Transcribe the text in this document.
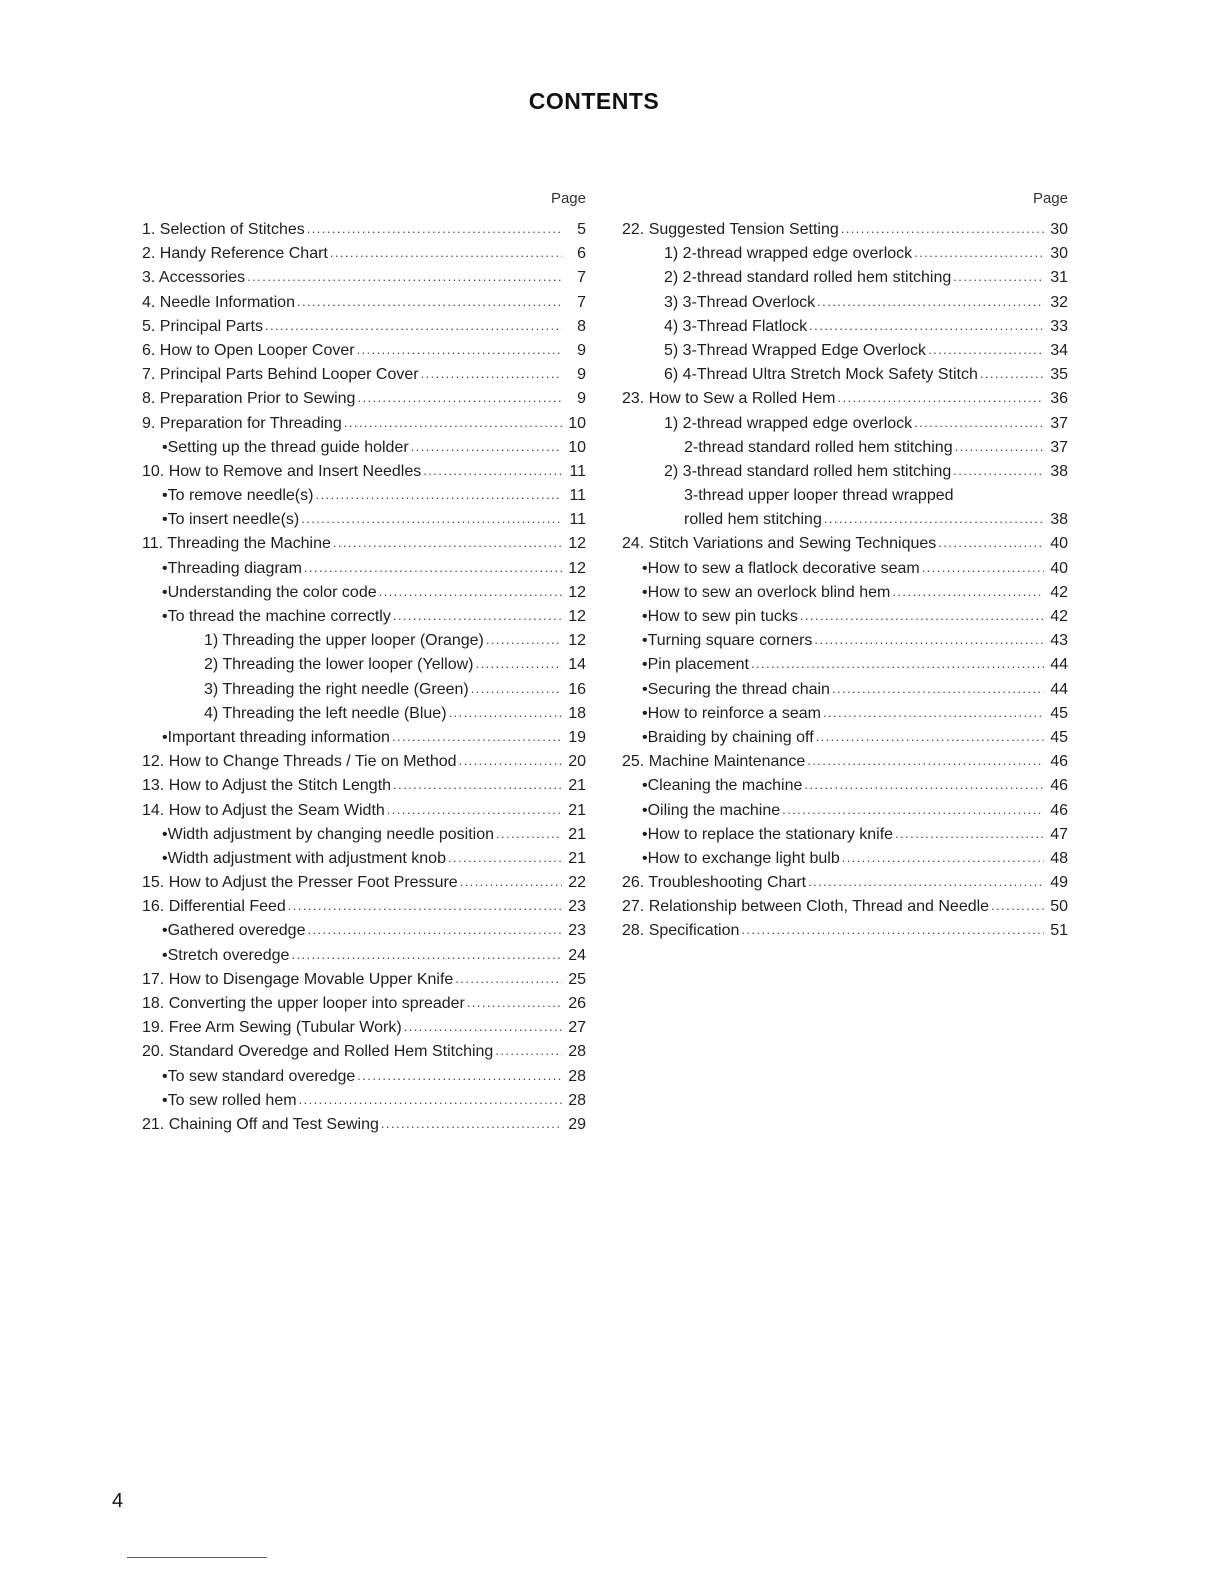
CONTENTS
Page
1. Selection of Stitches .....	5
2. Handy Reference Chart .....	6
3. Accessories .....	7
4. Needle Information .....	7
5. Principal Parts .....	8
6. How to Open Looper Cover .....	9
7. Principal Parts Behind Looper Cover .....	9
8. Preparation Prior to Sewing .....	9
9. Preparation for Threading .....	10
•Setting up the thread guide holder .....	10
10. How to Remove and Insert Needles .....	11
•To remove needle(s) .....	11
•To insert needle(s) .....	11
11. Threading the Machine .....	12
•Threading diagram .....	12
•Understanding the color code .....	12
•To thread the machine correctly .....	12
1) Threading the upper looper (Orange) .....	12
2) Threading the lower looper (Yellow) .....	14
3) Threading the right needle (Green) .....	16
4) Threading the left needle (Blue) .....	18
•Important threading information .....	19
12. How to Change Threads / Tie on Method .....	20
13. How to Adjust the Stitch Length .....	21
14. How to Adjust the Seam Width .....	21
•Width adjustment by changing needle position .....	21
•Width adjustment with adjustment knob .....	21
15. How to Adjust the Presser Foot Pressure .....	22
16. Differential Feed .....	23
•Gathered overedge .....	23
•Stretch overedge .....	24
17. How to Disengage Movable Upper Knife .....	25
18. Converting the upper looper into spreader .....	26
19. Free Arm Sewing (Tubular Work) .....	27
20. Standard Overedge and Rolled Hem Stitching .....	28
•To sew standard overedge .....	28
•To sew rolled hem .....	28
21. Chaining Off and Test Sewing .....	29
Page
22. Suggested Tension Setting .....	30
1) 2-thread wrapped edge overlock .....	30
2) 2-thread standard rolled hem stitching .....	31
3) 3-Thread Overlock .....	32
4) 3-Thread Flatlock .....	33
5) 3-Thread Wrapped Edge Overlock .....	34
6) 4-Thread Ultra Stretch Mock Safety Stitch .....	35
23. How to Sew a Rolled Hem .....	36
1) 2-thread wrapped edge overlock .....	37
2-thread standard rolled hem stitching .....	37
2) 3-thread standard rolled hem stitching .....	38
3-thread upper looper thread wrapped
rolled hem stitching .....	38
24. Stitch Variations and Sewing Techniques .....	40
•How to sew a flatlock decorative seam .....	40
•How to sew an overlock blind hem .....	42
•How to sew pin tucks .....	42
•Turning square corners .....	43
•Pin placement .....	44
•Securing the thread chain .....	44
•How to reinforce a seam .....	45
•Braiding by chaining off .....	45
25. Machine Maintenance .....	46
•Cleaning the machine .....	46
•Oiling the machine .....	46
•How to replace the stationary knife .....	47
•How to exchange light bulb .....	48
26. Troubleshooting Chart .....	49
27. Relationship between Cloth, Thread and Needle .....	50
28. Specification .....	51
4
